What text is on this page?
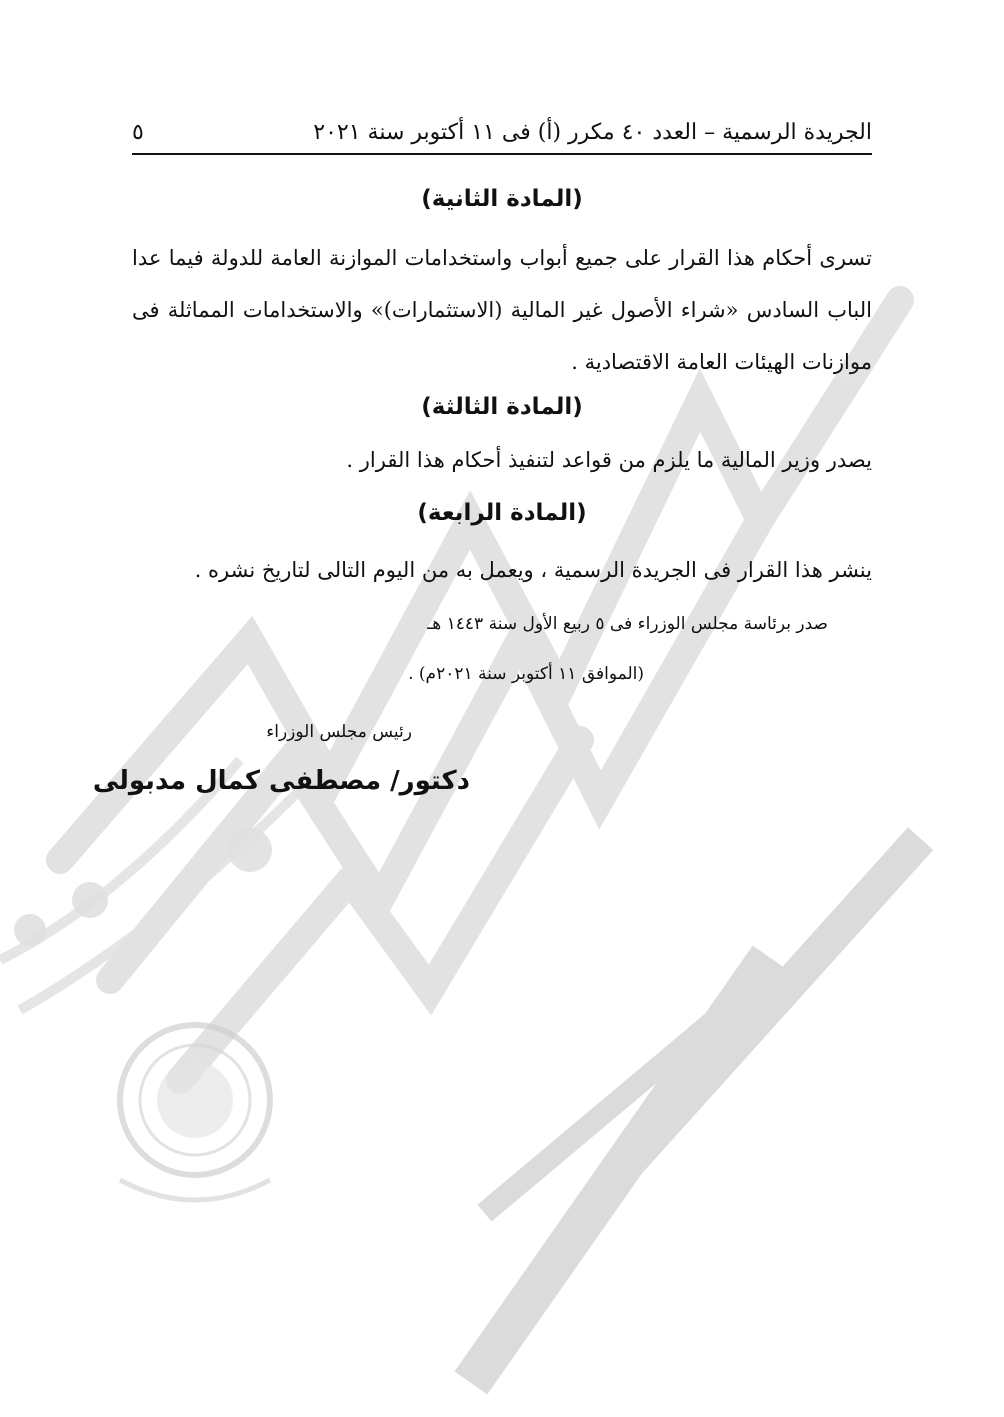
الجريدة الرسمية – العدد ٤٠ مكرر (أ) فى ١١ أكتوبر سنة ٢٠٢١
٥
(المادة الثانية)
تسرى أحكام هذا القرار على جميع أبواب واستخدامات الموازنة العامة للدولة فيما عدا الباب السادس «شراء الأصول غير المالية (الاستثمارات)» والاستخدامات المماثلة فى موازنات الهيئات العامة الاقتصادية .
(المادة الثالثة)
يصدر وزير المالية ما يلزم من قواعد لتنفيذ أحكام هذا القرار .
(المادة الرابعة)
ينشر هذا القرار فى الجريدة الرسمية ، ويعمل به من اليوم التالى لتاريخ نشره .
صدر برئاسة مجلس الوزراء فى ٥ ربيع الأول سنة ١٤٤٣ هـ
(الموافق ١١ أكتوبر سنة ٢٠٢١م) .
رئيس مجلس الوزراء
دكتور/ مصطفى كمال مدبولى
